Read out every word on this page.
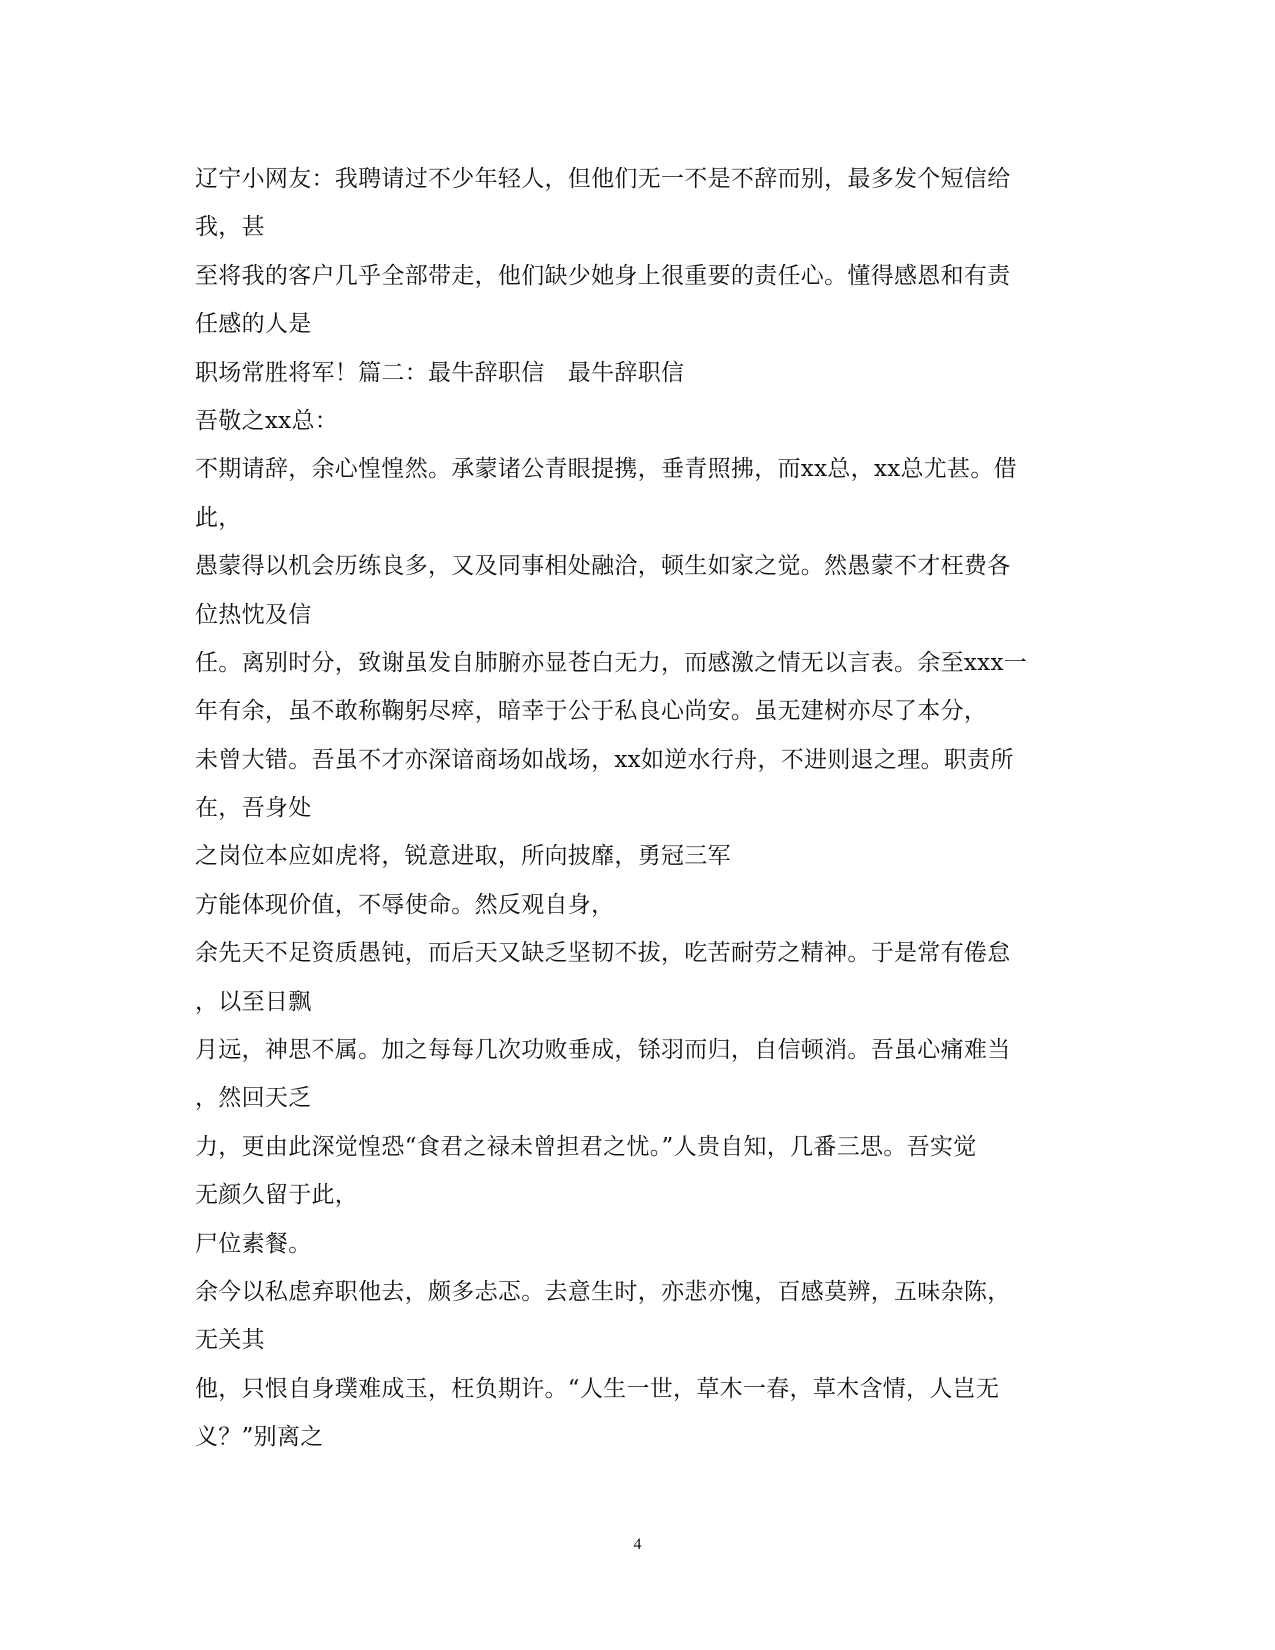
辽宁小网友：我聘请过不少年轻人，但他们无一不是不辞而别，最多发个短信给
我，甚
至将我的客户几乎全部带走，他们缺少她身上很重要的责任心。懂得感恩和有责
任感的人是
职场常胜将军！篇二：最牛辞职信　最牛辞职信
吾敬之xx总：
不期请辞，余心惶惶然。承蒙诸公青眼提携，垂青照拂，而xx总，xx总尤甚。借
此，
愚蒙得以机会历练良多，又及同事相处融洽，顿生如家之觉。然愚蒙不才枉费各
位热忱及信
任。离别时分，致谢虽发自肺腑亦显苍白无力，而感激之情无以言表。余至xxx一
年有余，虽不敢称鞠躬尽瘁，暗幸于公于私良心尚安。虽无建树亦尽了本分，
未曾大错。吾虽不才亦深谙商场如战场，xx如逆水行舟，不进则退之理。职责所
在，吾身处
之岗位本应如虎将，锐意进取，所向披靡，勇冠三军
方能体现价值，不辱使命。然反观自身，
余先天不足资质愚钝，而后天又缺乏坚韧不拔，吃苦耐劳之精神。于是常有倦怠
，以至日飘
月远，神思不属。加之每每几次功败垂成，铩羽而归，自信顿消。吾虽心痛难当
，然回天乏
力，更由此深觉惶恐“食君之禄未曾担君之忧。”人贵自知，几番三思。吾实觉
无颜久留于此，
尸位素餐。
余今以私虑弃职他去，颇多忐忑。去意生时，亦悲亦愧，百感莫辨，五味杂陈，
无关其
他，只恨自身璞难成玉，枉负期许。“人生一世，草木一春，草木含情，人岂无
义？”别离之
4
